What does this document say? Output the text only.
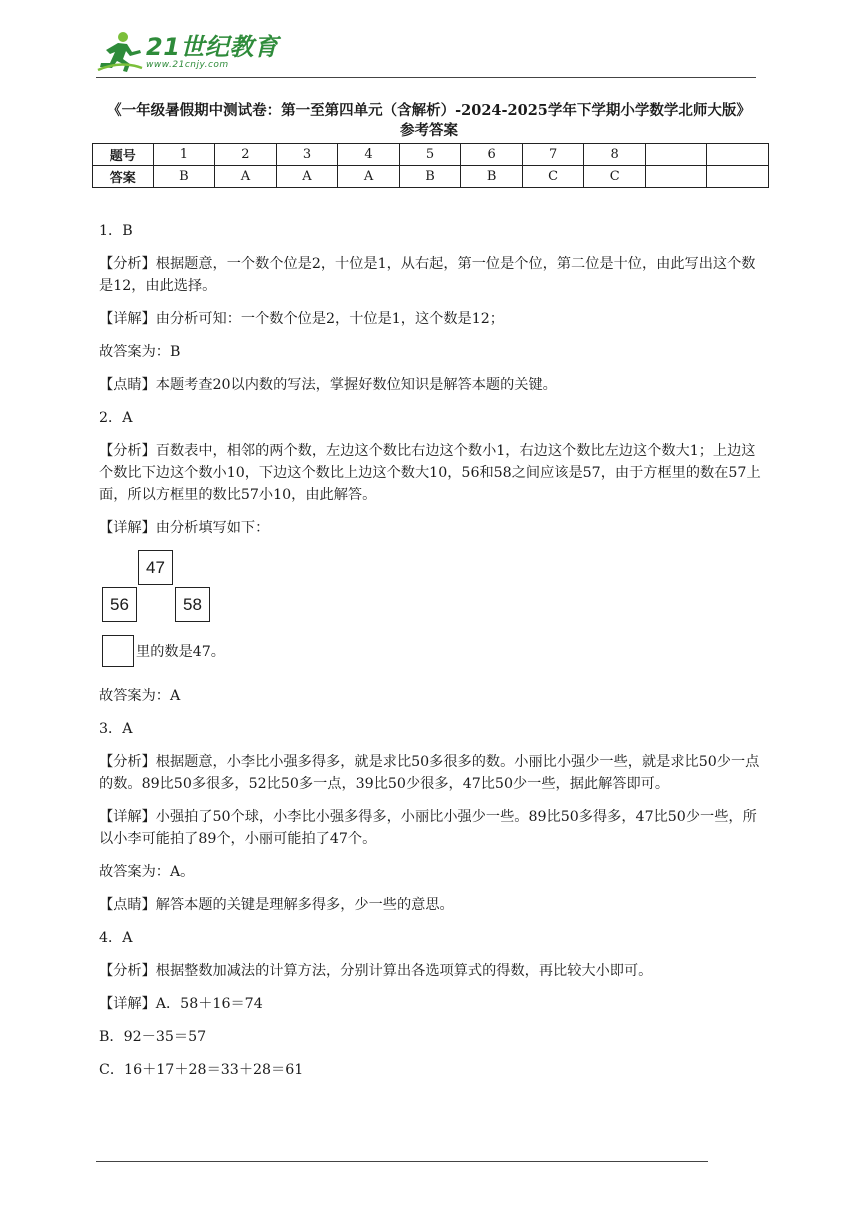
21世纪教育
www.21cnjy.com
《一年级暑假期中测试卷：第一至第四单元（含解析）-2024-2025学年下学期小学数学北师大版》
参考答案
题号	1	2	3	4	5	6	7	8		
答案	B	A	A	A	B	B	C	C		
1．B
【分析】根据题意，一个数个位是2，十位是1，从右起，第一位是个位，第二位是十位，由此写出这个数是12，由此选择。
【详解】由分析可知：一个数个位是2，十位是1，这个数是12；
故答案为：B
【点睛】本题考查20以内数的写法，掌握好数位知识是解答本题的关键。
2．A
【分析】百数表中，相邻的两个数，左边这个数比右边这个数小1，右边这个数比左边这个数大1；上边这个数比下边这个数小10，下边这个数比上边这个数大10，56和58之间应该是57，由于方框里的数在57上面，所以方框里的数比57小10，由此解答。
【详解】由分析填写如下：
47
56	58
里的数是47。
故答案为：A
3．A
【分析】根据题意，小李比小强多得多，就是求比50多很多的数。小丽比小强少一些，就是求比50少一点的数。89比50多很多，52比50多一点，39比50少很多，47比50少一些，据此解答即可。
【详解】小强拍了50个球，小李比小强多得多，小丽比小强少一些。89比50多得多，47比50少一些，所以小李可能拍了89个，小丽可能拍了47个。
故答案为：A。
【点睛】解答本题的关键是理解多得多，少一些的意思。
4．A
【分析】根据整数加减法的计算方法，分别计算出各选项算式的得数，再比较大小即可。
【详解】A．58＋16＝74
B．92－35＝57
C．16＋17＋28＝33＋28＝61
